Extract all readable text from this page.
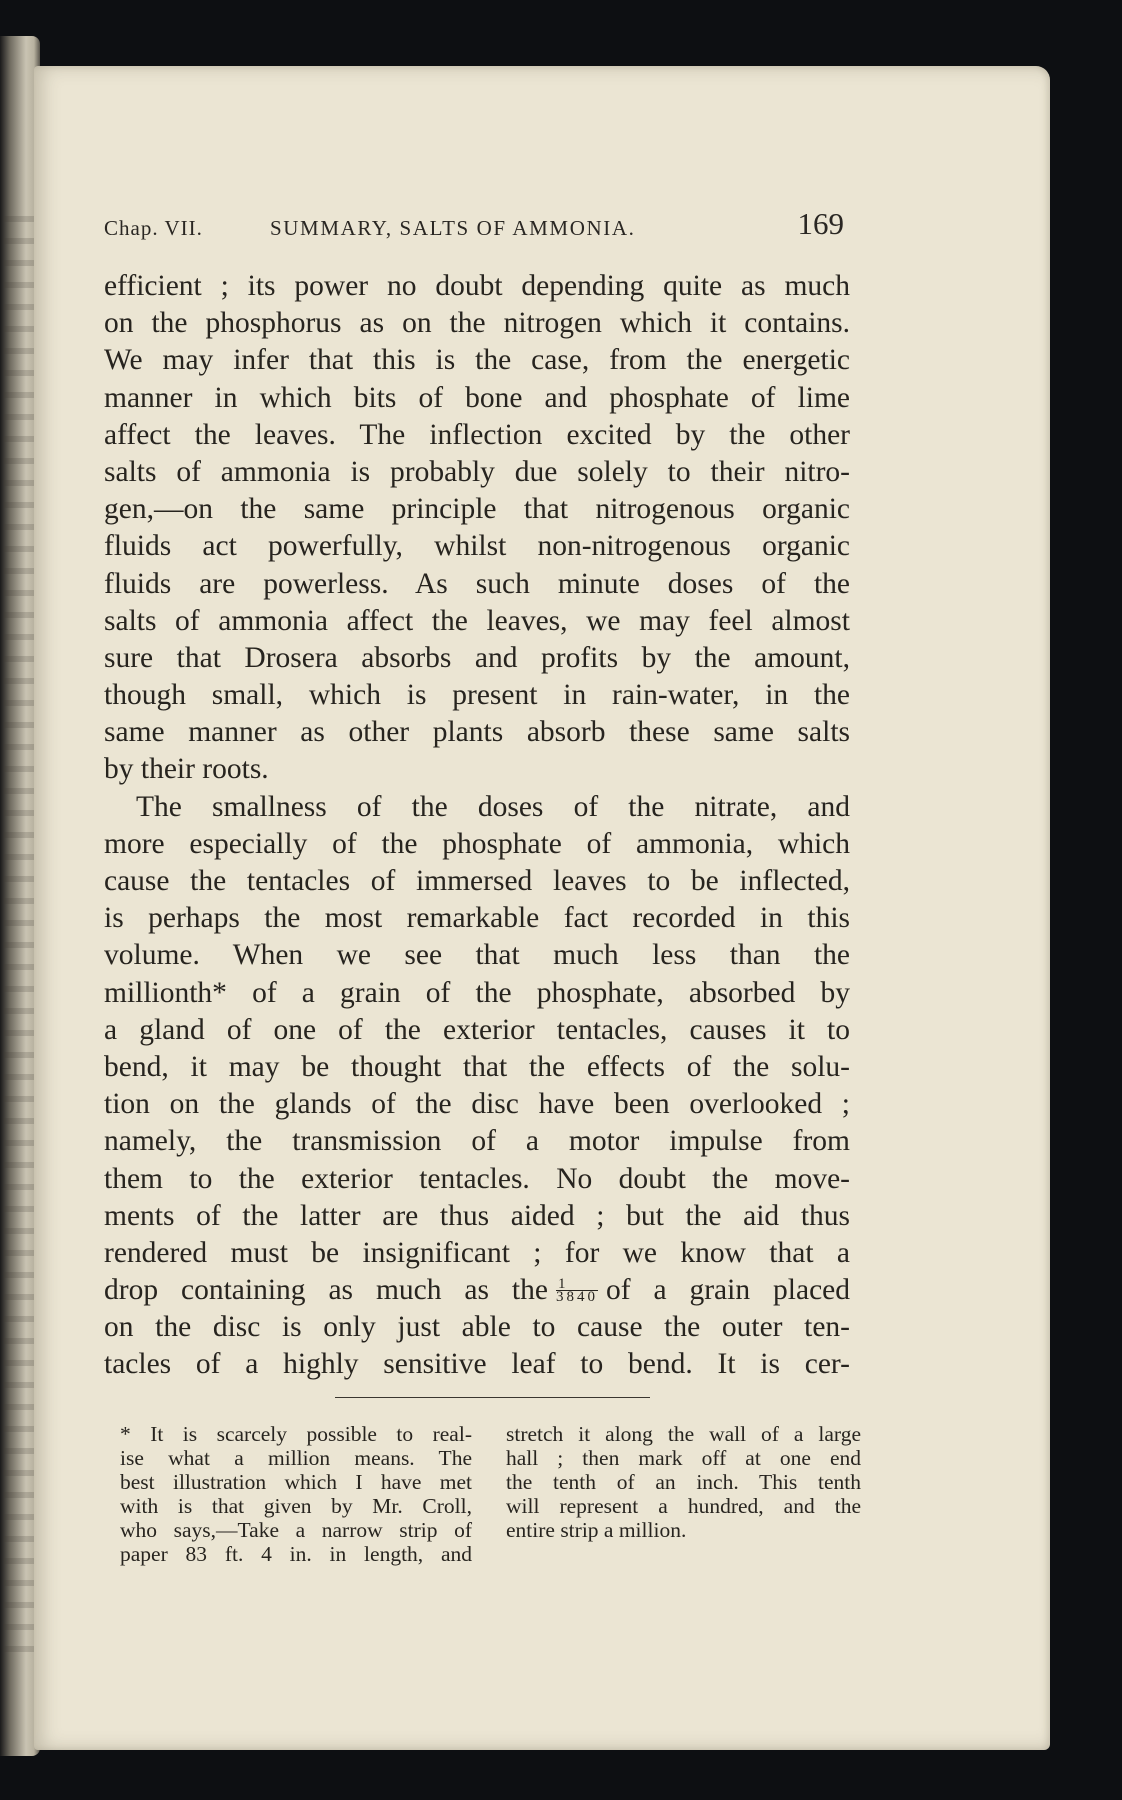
Chap. VII.	SUMMARY, SALTS OF AMMONIA.	169
efficient ; its power no doubt depending quite as much
on the phosphorus as on the nitrogen which it contains.
We may infer that this is the case, from the energetic
manner in which bits of bone and phosphate of lime
affect the leaves. The inflection excited by the other
salts of ammonia is probably due solely to their nitro-
gen,—on the same principle that nitrogenous organic
fluids act powerfully, whilst non-nitrogenous organic
fluids are powerless. As such minute doses of the
salts of ammonia affect the leaves, we may feel almost
sure that Drosera absorbs and profits by the amount,
though small, which is present in rain-water, in the
same manner as other plants absorb these same salts
by their roots.
The smallness of the doses of the nitrate, and
more especially of the phosphate of ammonia, which
cause the tentacles of immersed leaves to be inflected,
is perhaps the most remarkable fact recorded in this
volume. When we see that much less than the
millionth* of a grain of the phosphate, absorbed by
a gland of one of the exterior tentacles, causes it to
bend, it may be thought that the effects of the solu-
tion on the glands of the disc have been overlooked ;
namely, the transmission of a motor impulse from
them to the exterior tentacles. No doubt the move-
ments of the latter are thus aided ; but the aid thus
rendered must be insignificant ; for we know that a
drop containing as much as the $\frac{1}{3840}$ of a grain placed
on the disc is only just able to cause the outer ten-
tacles of a highly sensitive leaf to bend. It is cer-
* It is scarcely possible to real-
ise what a million means. The
best illustration which I have met
with is that given by Mr. Croll,
who says,—Take a narrow strip of
paper 83 ft. 4 in. in length, and
stretch it along the wall of a large
hall ; then mark off at one end
the tenth of an inch. This tenth
will represent a hundred, and the
entire strip a million.
